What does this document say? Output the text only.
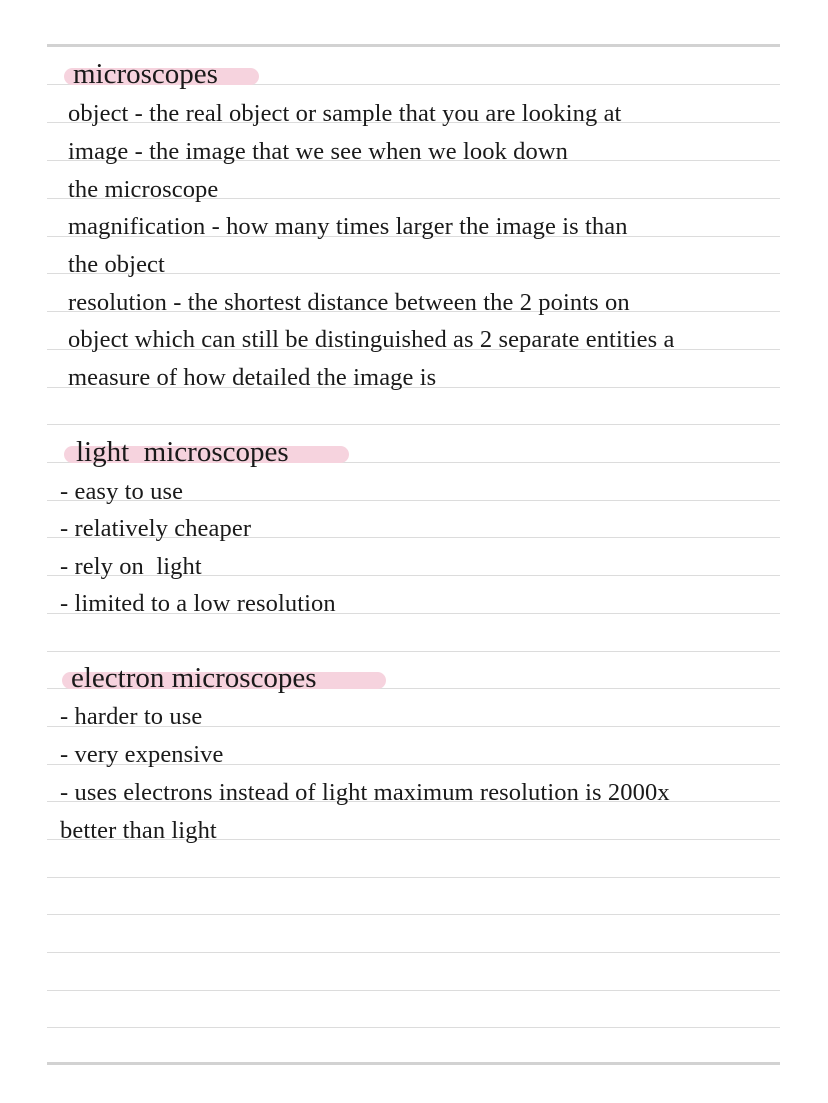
microscopes
object - the real object or sample that you are looking at
image - the image that we see when we look down
the microscope
magnification - how many times larger the image is than
the object
resolution - the shortest distance between the 2 points on
object which can still be distinguished as 2 separate entities a
measure of how detailed the image is
light  microscopes
- easy to use
- relatively cheaper
- rely on  light
- limited to a low resolution
electron microscopes
- harder to use
- very expensive
- uses electrons instead of light maximum resolution is 2000x
better than light
